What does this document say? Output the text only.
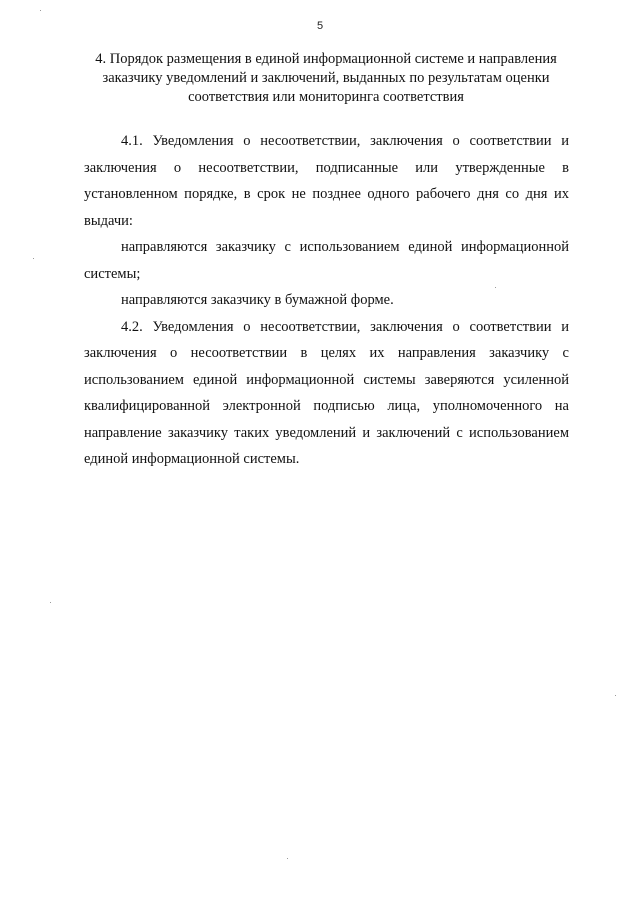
5
4. Порядок размещения в единой информационной системе и направления
заказчику уведомлений и заключений, выданных по результатам оценки
соответствия или мониторинга соответствия
4.1. Уведомления о несоответствии, заключения о соответствии и
заключения о несоответствии, подписанные или утвержденные в
установленном порядке, в срок не позднее одного рабочего дня со дня их
выдачи:
направляются заказчику с использованием единой информационной
системы;
направляются заказчику в бумажной форме.
4.2. Уведомления о несоответствии, заключения о соответствии и
заключения о несоответствии в целях их направления заказчику с
использованием единой информационной системы заверяются усиленной
квалифицированной электронной подписью лица, уполномоченного на
направление заказчику таких уведомлений и заключений с использованием
единой информационной системы.
